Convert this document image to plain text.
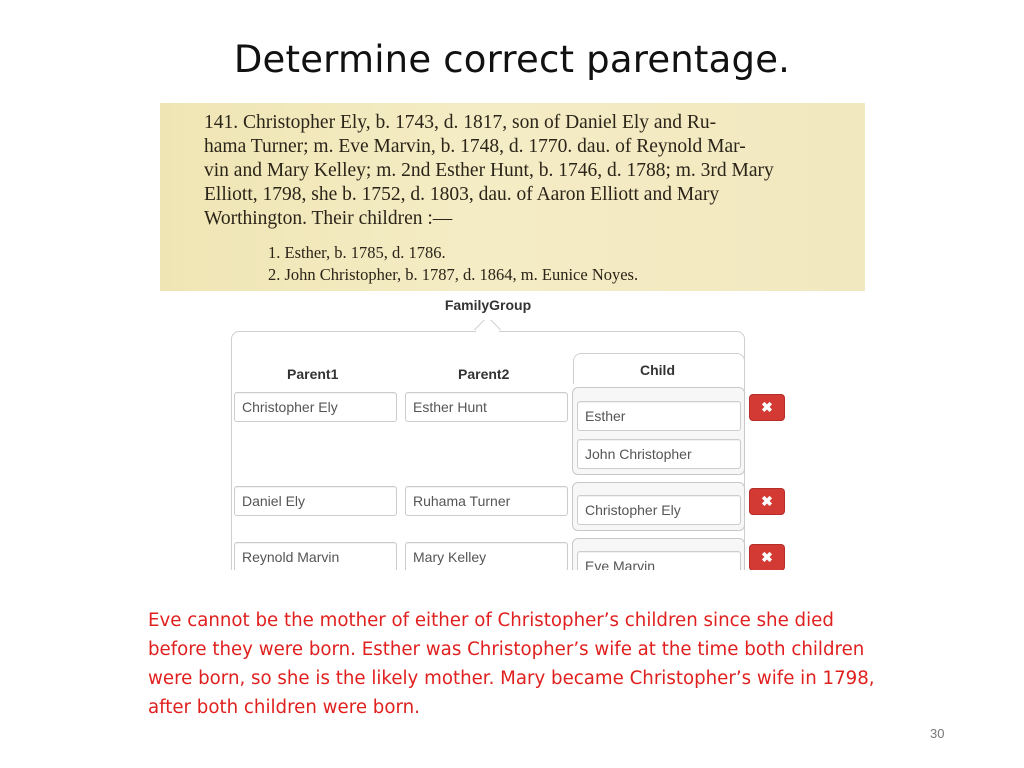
Determine correct parentage.
141. Christopher Ely, b. 1743, d. 1817, son of Daniel Ely and Ru-
hama Turner; m. Eve Marvin, b. 1748, d. 1770. dau. of Reynold Mar-
vin and Mary Kelley; m. 2nd Esther Hunt, b. 1746, d. 1788; m. 3rd Mary
Elliott, 1798, she b. 1752, d. 1803, dau. of Aaron Elliott and Mary
Worthington. Their children :—
1. Esther, b. 1785, d. 1786.
2. John Christopher, b. 1787, d. 1864, m. Eunice Noyes.
FamilyGroup
Parent1	Parent2	Child
Christopher Ely
Esther Hunt
Esther
John Christopher
✖
Daniel Ely
Ruhama Turner
Christopher Ely
✖
Reynold Marvin
Mary Kelley
Eve Marvin
✖
Eve cannot be the mother of either of Christopher’s children since she died before they were born. Esther was Christopher’s wife at the time both children were born, so she is the likely mother. Mary became Christopher’s wife in 1798, after both children were born.
30
